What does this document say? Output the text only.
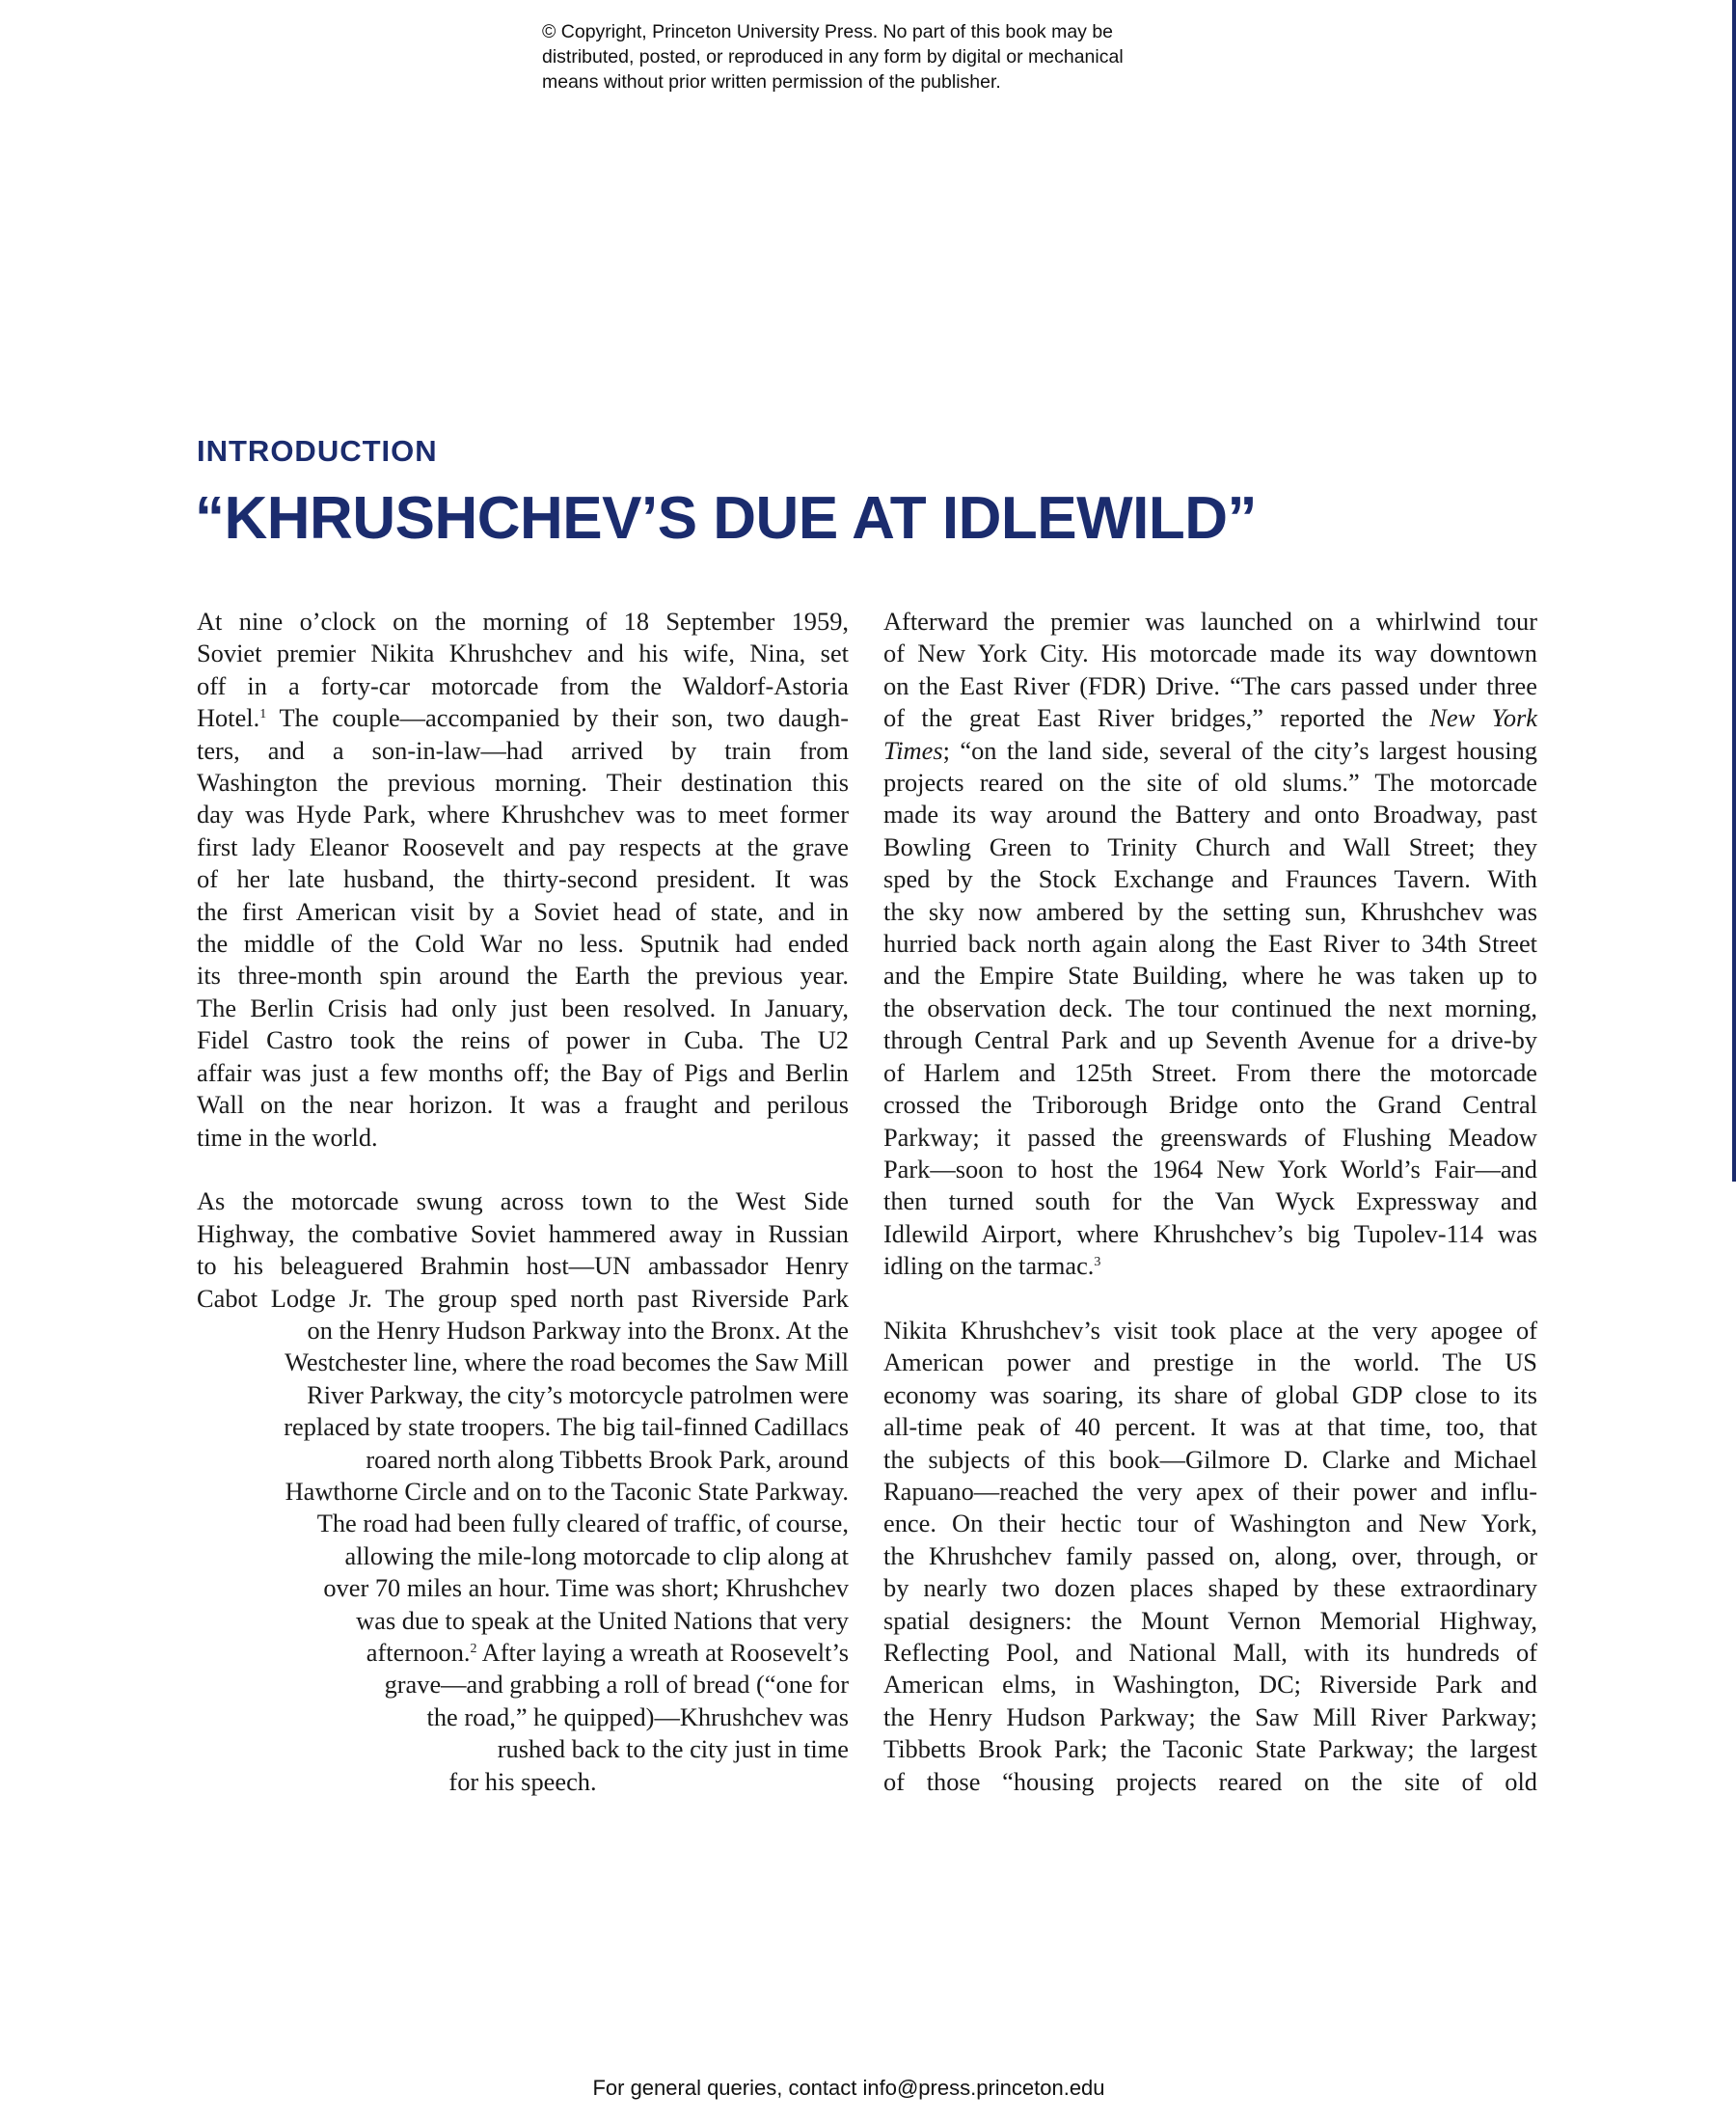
© Copyright, Princeton University Press. No part of this book may be
distributed, posted, or reproduced in any form by digital or mechanical
means without prior written permission of the publisher.
INTRODUCTION
“KHRUSHCHEV’S DUE AT IDLEWILD”
At nine o’clock on the morning of 18 September 1959,
Soviet premier Nikita Khrushchev and his wife, Nina, set
off in a forty-car motorcade from the Waldorf-Astoria
Hotel.$^1$ The couple—accompanied by their son, two daugh-
ters, and a son-in-law—had arrived by train from
Washington the previous morning. Their destination this
day was Hyde Park, where Khrushchev was to meet former
first lady Eleanor Roosevelt and pay respects at the grave
of her late husband, the thirty-second president. It was
the first American visit by a Soviet head of state, and in
the middle of the Cold War no less. Sputnik had ended
its three-month spin around the Earth the previous year.
The Berlin Crisis had only just been resolved. In January,
Fidel Castro took the reins of power in Cuba. The U2
affair was just a few months off; the Bay of Pigs and Berlin
Wall on the near horizon. It was a fraught and perilous
time in the world.
As the motorcade swung across town to the West Side
Highway, the combative Soviet hammered away in Russian
to his beleaguered Brahmin host—UN ambassador Henry
Cabot Lodge Jr. The group sped north past Riverside Park
on the Henry Hudson Parkway into the Bronx. At the
Westchester line, where the road becomes the Saw Mill
River Parkway, the city’s motorcycle patrolmen were
replaced by state troopers. The big tail-finned Cadillacs
roared north along Tibbetts Brook Park, around
Hawthorne Circle and on to the Taconic State Parkway.
The road had been fully cleared of traffic, of course,
allowing the mile-long motorcade to clip along at
over 70 miles an hour. Time was short; Khrushchev
was due to speak at the United Nations that very
afternoon.$^2$ After laying a wreath at Roosevelt’s
grave—and grabbing a roll of bread (“one for
the road,” he quipped)—Khrushchev was
rushed back to the city just in time
for his speech.
Afterward the premier was launched on a whirlwind tour
of New York City. His motorcade made its way downtown
on the East River (FDR) Drive. “The cars passed under three
of the great East River bridges,” reported the New York
Times; “on the land side, several of the city’s largest housing
projects reared on the site of old slums.” The motorcade
made its way around the Battery and onto Broadway, past
Bowling Green to Trinity Church and Wall Street; they
sped by the Stock Exchange and Fraunces Tavern. With
the sky now ambered by the setting sun, Khrushchev was
hurried back north again along the East River to 34th Street
and the Empire State Building, where he was taken up to
the observation deck. The tour continued the next morning,
through Central Park and up Seventh Avenue for a drive-by
of Harlem and 125th Street. From there the motorcade
crossed the Triborough Bridge onto the Grand Central
Parkway; it passed the greenswards of Flushing Meadow
Park—soon to host the 1964 New York World’s Fair—and
then turned south for the Van Wyck Expressway and
Idlewild Airport, where Khrushchev’s big Tupolev-114 was
idling on the tarmac.$^3$
Nikita Khrushchev’s visit took place at the very apogee of
American power and prestige in the world. The US
economy was soaring, its share of global GDP close to its
all-time peak of 40 percent. It was at that time, too, that
the subjects of this book—Gilmore D. Clarke and Michael
Rapuano—reached the very apex of their power and influ-
ence. On their hectic tour of Washington and New York,
the Khrushchev family passed on, along, over, through, or
by nearly two dozen places shaped by these extraordinary
spatial designers: the Mount Vernon Memorial Highway,
Reflecting Pool, and National Mall, with its hundreds of
American elms, in Washington, DC; Riverside Park and
the Henry Hudson Parkway; the Saw Mill River Parkway;
Tibbetts Brook Park; the Taconic State Parkway; the largest
of those “housing projects reared on the site of old
For general queries, contact info@press.princeton.edu
